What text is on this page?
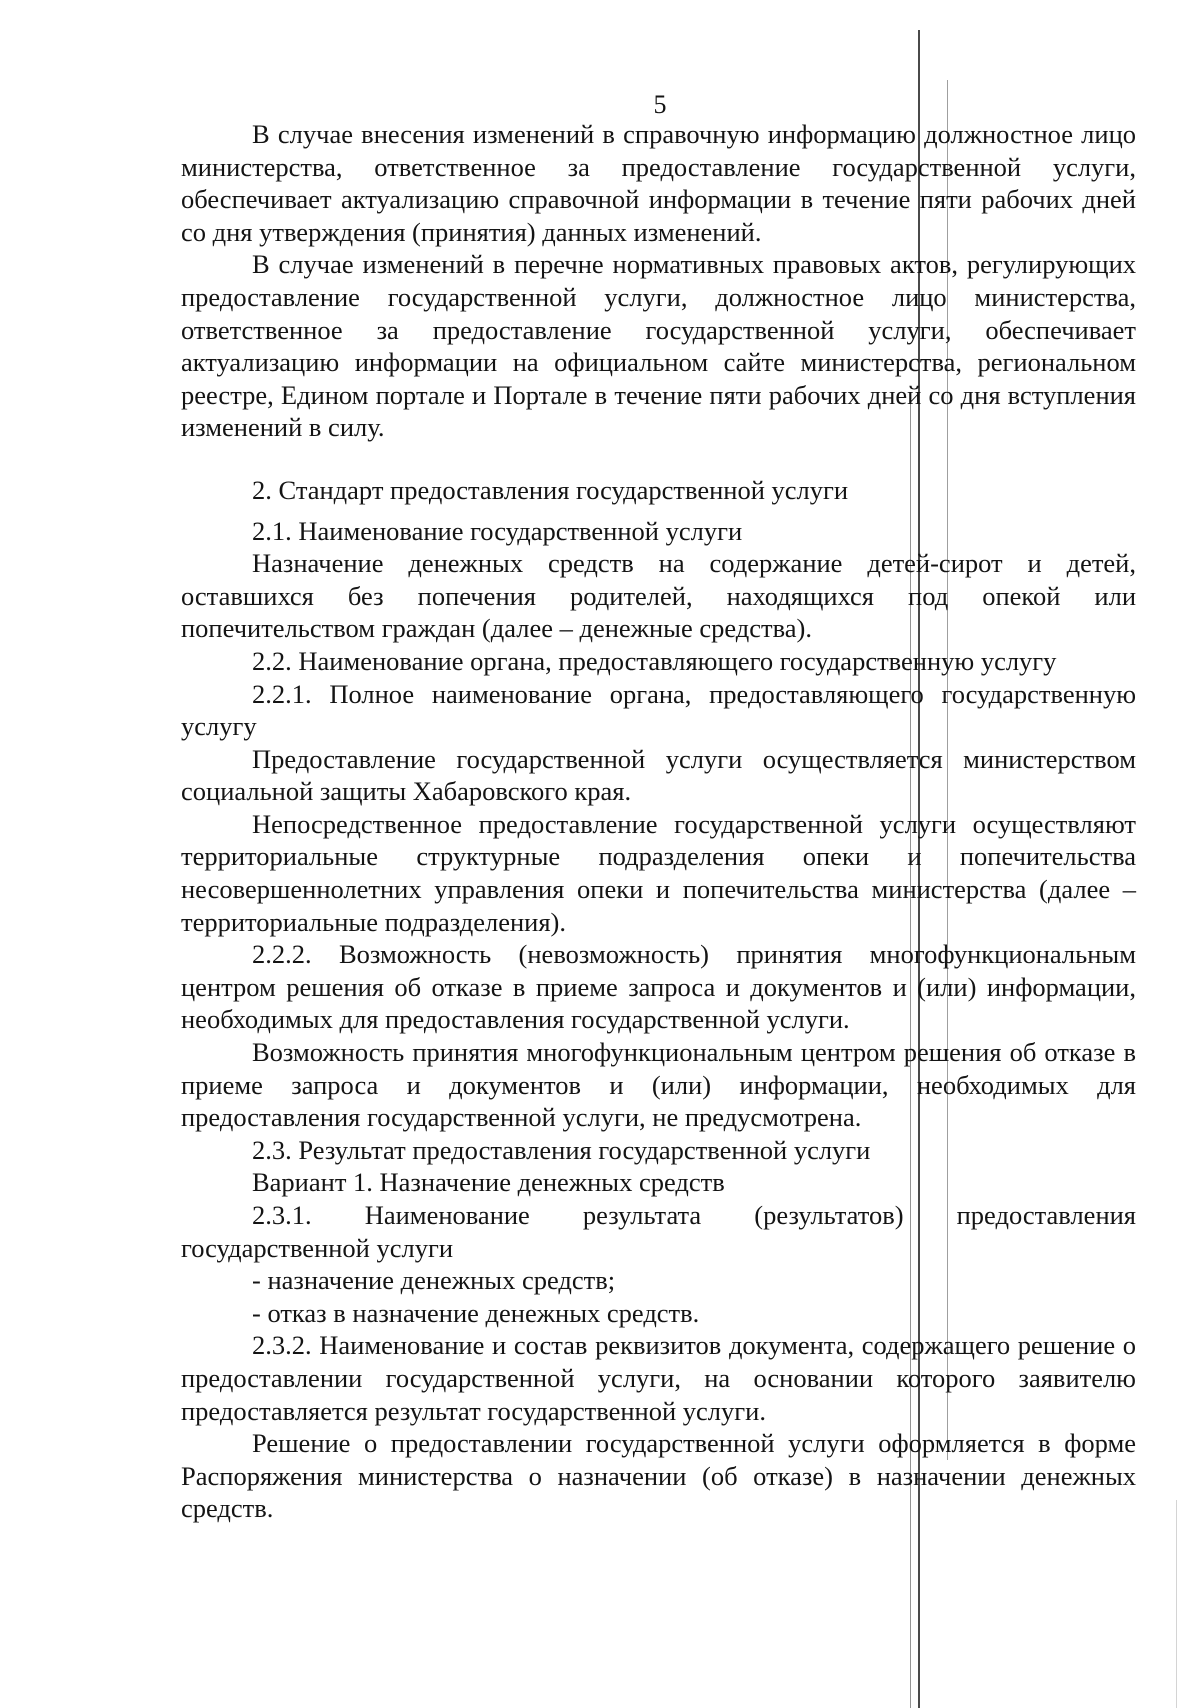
5

В случае внесения изменений в справочную информацию должностное лицо министерства, ответственное за предоставление государственной услуги, обеспечивает актуализацию справочной информации в течение пяти рабочих дней со дня утверждения (принятия) данных изменений.

В случае изменений в перечне нормативных правовых актов, регулирующих предоставление государственной услуги, должностное лицо министерства, ответственное за предоставление государственной услуги, обеспечивает актуализацию информации на официальном сайте министерства, региональном реестре, Едином портале и Портале в течение пяти рабочих дней со дня вступления изменений в силу.

2. Стандарт предоставления государственной услуги

2.1. Наименование государственной услуги

Назначение денежных средств на содержание детей-сирот и детей, оставшихся без попечения родителей, находящихся под опекой или попечительством граждан (далее – денежные средства).

2.2. Наименование органа, предоставляющего государственную услугу

2.2.1. Полное наименование органа, предоставляющего государственную услугу

Предоставление государственной услуги осуществляется министерством социальной защиты Хабаровского края.

Непосредственное предоставление государственной услуги осуществляют территориальные структурные подразделения опеки и попечительства несовершеннолетних управления опеки и попечительства министерства (далее – территориальные подразделения).

2.2.2. Возможность (невозможность) принятия многофункциональным центром решения об отказе в приеме запроса и документов и (или) информации, необходимых для предоставления государственной услуги.

Возможность принятия многофункциональным центром решения об отказе в приеме запроса и документов и (или) информации, необходимых для предоставления государственной услуги, не предусмотрена.

2.3. Результат предоставления государственной услуги

Вариант 1. Назначение денежных средств

2.3.1. Наименование результата (результатов) предоставления государственной услуги

- назначение денежных средств;

- отказ в назначение денежных средств.

2.3.2. Наименование и состав реквизитов документа, содержащего решение о предоставлении государственной услуги, на основании которого заявителю предоставляется результат государственной услуги.

Решение о предоставлении государственной услуги оформляется в форме Распоряжения министерства о назначении (об отказе) в назначении денежных средств.
